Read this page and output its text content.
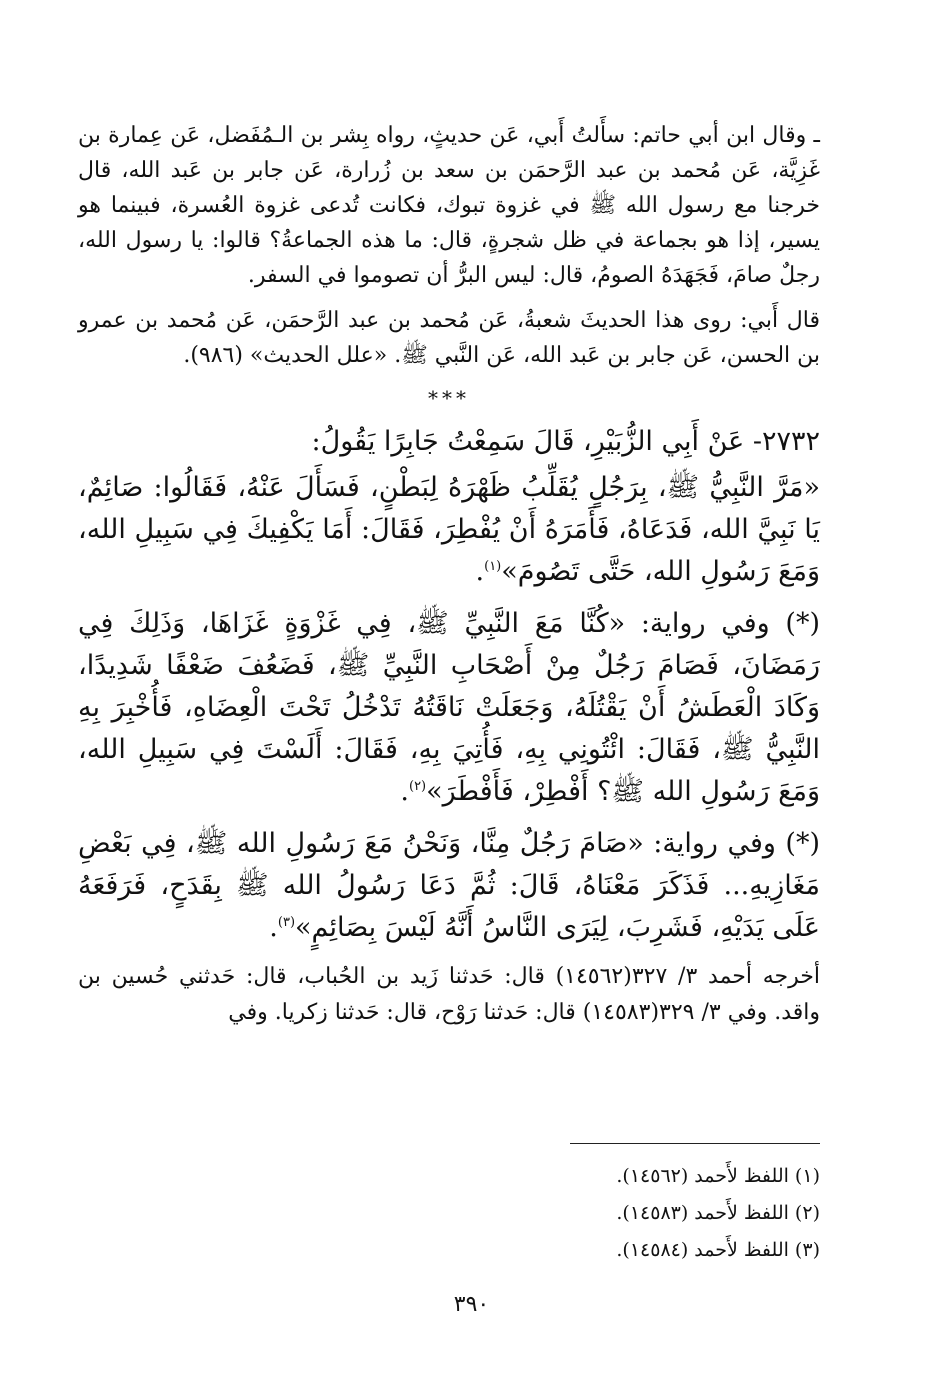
ـ وقال ابن أبي حاتم: سأَلتُ أَبي، عَن حديثٍ، رواه بِشر بن الـمُفَضل، عَن عِمارة بن غَزِيَّة، عَن مُحمد بن عبد الرَّحمَن بن سعد بن زُرارة، عَن جابر بن عَبد الله، قال خرجنا مع رسول الله ﷺ في غزوة تبوك، فكانت تُدعى غزوة العُسرة، فبينما هو يسير، إذا هو بجماعة في ظل شجرةٍ، قال: ما هذه الجماعةُ؟ قالوا: يا رسول الله، رجلٌ صامَ، فَجَهَدَهُ الصومُ، قال: ليس البرُّ أن تصوموا في السفر.

قال أَبي: روى هذا الحديثَ شعبةُ، عَن مُحمد بن عبد الرَّحمَن، عَن مُحمد بن عمرو بن الحسن، عَن جابر بن عَبد الله، عَن النَّبي ﷺ. «علل الحديث» (٩٨٦).

***

٢٧٣٢- عَنْ أَبِي الزُّبَيْرِ، قَالَ سَمِعْتُ جَابِرًا يَقُولُ:

«مَرَّ النَّبِيُّ ﷺ، بِرَجُلٍ يُقَلِّبُ ظَهْرَهُ لِبَطْنٍ، فَسَأَلَ عَنْهُ، فَقَالُوا: صَائِمٌ، يَا نَبِيَّ الله، فَدَعَاهُ، فَأَمَرَهُ أَنْ يُفْطِرَ، فَقَالَ: أَمَا يَكْفِيكَ فِي سَبِيلِ الله، وَمَعَ رَسُولِ الله، حَتَّى تَصُومَ»$^{(١)}$.

(*) وفي رواية: «كُنَّا مَعَ النَّبِيِّ ﷺ، فِي غَزْوَةٍ غَزَاهَا، وَذَلِكَ فِي رَمَضَانَ، فَصَامَ رَجُلٌ مِنْ أَصْحَابِ النَّبِيِّ ﷺ، فَضَعُفَ ضَعْفًا شَدِيدًا، وَكَادَ الْعَطَشُ أَنْ يَقْتُلَهُ، وَجَعَلَتْ نَاقَتُهُ تَدْخُلُ تَحْتَ الْعِضَاهِ، فَأُخْبِرَ بِهِ النَّبِيُّ ﷺ، فَقَالَ: ائْتُونِي بِهِ، فَأُتِيَ بِهِ، فَقَالَ: أَلَسْتَ فِي سَبِيلِ الله، وَمَعَ رَسُولِ الله ﷺ؟ أَفْطِرْ، فَأَفْطَرَ»$^{(٢)}$.

(*) وفي رواية: «صَامَ رَجُلٌ مِنَّا، وَنَحْنُ مَعَ رَسُولِ الله ﷺ، فِي بَعْضِ مَغَازِيهِ... فَذَكَرَ مَعْنَاهُ، قَالَ: ثُمَّ دَعَا رَسُولُ الله ﷺ بِقَدَحٍ، فَرَفَعَهُ عَلَى يَدَيْهِ، فَشَرِبَ، لِيَرَى النَّاسُ أَنَّهُ لَيْسَ بِصَائِمٍ»$^{(٣)}$.

أخرجه أحمد ٣/ ٣٢٧(١٤٥٦٢) قال: حَدثنا زَيد بن الحُباب، قال: حَدثني حُسين بن واقد. وفي ٣/ ٣٢٩(١٤٥٨٣) قال: حَدثنا رَوْح، قال: حَدثنا زكريا. وفي

(١) اللفظ لأَحمد (١٤٥٦٢).
(٢) اللفظ لأَحمد (١٤٥٨٣).
(٣) اللفظ لأَحمد (١٤٥٨٤).
٣٩٠
